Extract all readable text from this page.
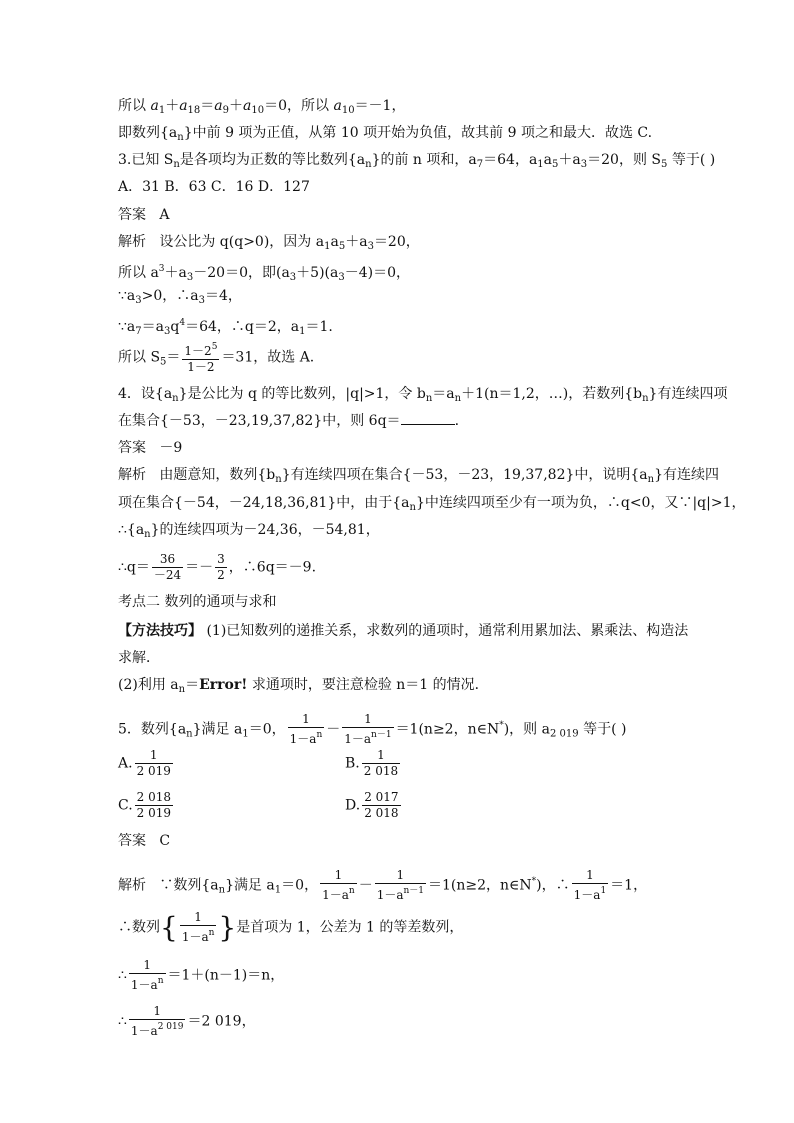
所以 $a_1+a_{18}=a_9+a_{10}=0$，所以 $a_{10}=-1$，
即数列$\{a_n\}$中前 9 项为正值，从第 10 项开始为负值，故其前 9 项之和最大．故选 C.
3.已知 $S_n$是各项均为正数的等比数列$\{a_n\}$的前 n 项和，$a_7=64$，$a_1a_5+a_3=20$，则 $S_5$ 等于( )
A．31 B．63 C．16 D．127
答案 A
解析 设公比为 q(q>0)，因为 $a_1a_5+a_3=20$，
所以 $a^3+a_3-20=0$，即$(a_3+5)(a_3-4)=0$，
$\because a_3>0$，$\therefore a_3=4$，
$\because a_7=a_3q^4=64$，∴q＝2，$a_1=1$.
所以 $S_5= \frac{1-2^5}{1-2} =31$，故选 A.
4．设$\{a_n\}$是公比为 q 的等比数列，|q|>1，令 $b_n=a_n+1(n=1,2$，…)，若数列$\{b_n\}$有连续四项
在集合{－53，－23,19,37,82}中，则 6q＝	.
答案 －9
解析 由题意知，数列$\{b_n\}$有连续四项在集合{－53，－23，19,37,82}中，说明$\{a_n\}$有连续四
项在集合{－54，－24,18,36,81}中，由于$\{a_n\}$中连续四项至少有一项为负，∴q<0，又∵|q|>1，
$\therefore\{a_n\}$的连续四项为－24,36，－54,81，
∴q＝ $\frac{36}{-24} =- \frac{3}{2}$ ，∴6q＝－9.
考点二 数列的通项与求和
【方法技巧】 (1)已知数列的递推关系，求数列的通项时，通常利用累加法、累乘法、构造法
求解．
(2)利用 $a_n=Error$! 求通项时，要注意检验 n＝1 的情况．
5．数列$\{a_n\}$满足 $a_1=0$， $\frac{1}{1-a^n} - \frac{1}{1-a^{n-1}} =1(n\ge 2$，n∈N*)，则 $a_{2 019}$ 等于( )
A. $\frac{1}{2 019}$	B. $\frac{1}{2 018}$
C. $\frac{2 018}{2 019}$	D. $\frac{2 017}{2 018}$
答案 C
解析 ∵数列$\{a_n\}$满足 $a_1=0$， $\frac{1}{1-a^n} - \frac{1}{1-a^{n-1}} =1(n\ge 2$，n∈N*)，∴ $\frac{1}{1-a^1} =1$，
∴数列{ $\frac{1}{1-a^n}$ }是首项为 1，公差为 1 的等差数列，
∴ $\frac{1}{1-a^n} =1+(n-1)=n$，
∴ $\frac{1}{1-a^{2 019}} =2$ 019，
